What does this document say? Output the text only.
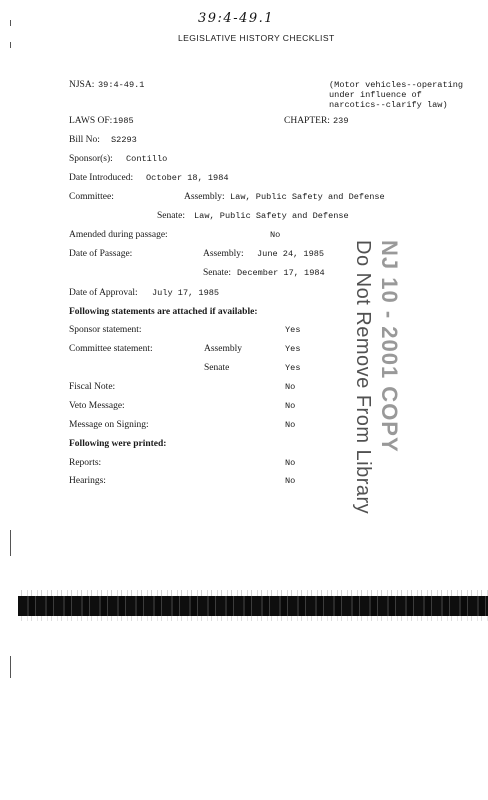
39:4-49.1
LEGISLATIVE HISTORY CHECKLIST
NJSA: 39:4-49.1	(Motor vehicles--operating
under influence of
narcotics--clarify law)
LAWS OF: 1985	CHAPTER: 239
Bill No: S2293
Sponsor(s): Contillo
Date Introduced: October 18, 1984
Committee:	Assembly: Law, Public Safety and Defense
Senate: Law, Public Safety and Defense
Amended during passage:	No
Date of Passage:	Assembly: June 24, 1985
Senate: December 17, 1984
Date of Approval: July 17, 1985
Following statements are attached if available:
Sponsor statement:	Yes
Committee statement:	Assembly	Yes
Senate	Yes
Fiscal Note:	No
Veto Message:	No
Message on Signing:	No
Following were printed:
Reports:	No
Hearings:	No
NJ 10 - 2001 COPY
Do Not Remove From Library
